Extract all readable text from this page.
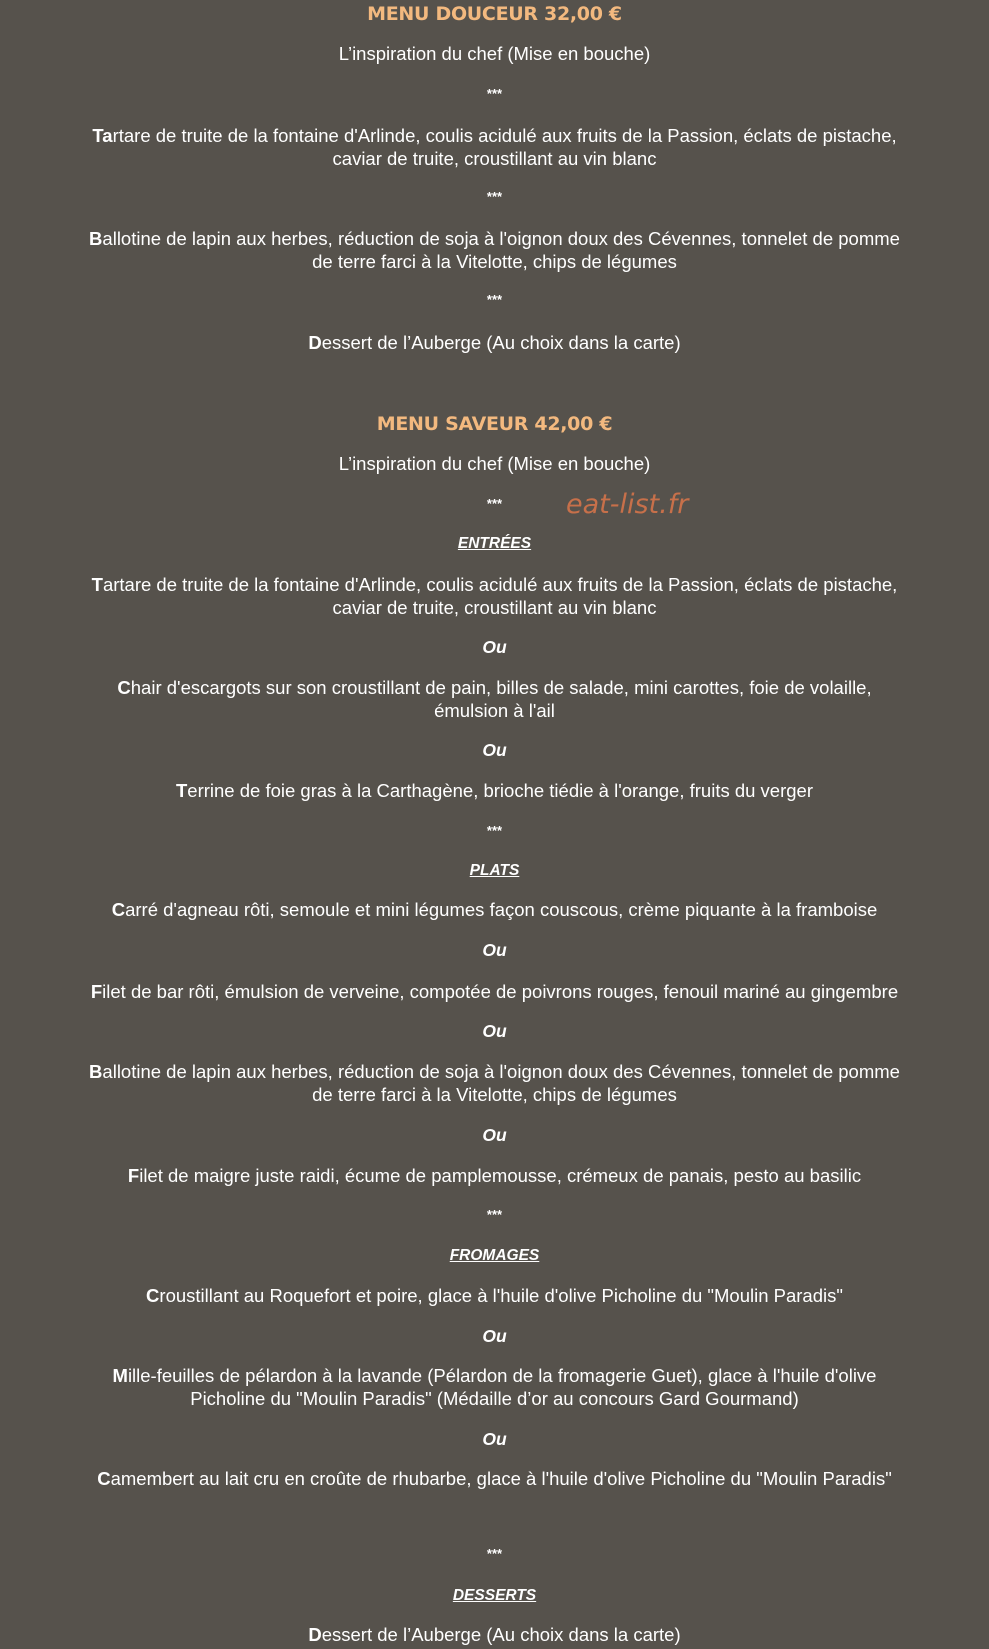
MENU DOUCEUR 32,00 €
L’inspiration du chef (Mise en bouche)
***
Tartare de truite de la fontaine d'Arlinde, coulis acidulé aux fruits de la Passion, éclats de pistache,
caviar de truite, croustillant au vin blanc
***
Ballotine de lapin aux herbes, réduction de soja à l'oignon doux des Cévennes, tonnelet de pomme
de terre farci à la Vitelotte, chips de légumes
***
Dessert de l’Auberge (Au choix dans la carte)
MENU SAVEUR 42,00 €
L’inspiration du chef (Mise en bouche)
***	eat-list.fr
ENTRÉES
Tartare de truite de la fontaine d'Arlinde, coulis acidulé aux fruits de la Passion, éclats de pistache,
caviar de truite, croustillant au vin blanc
Ou
Chair d'escargots sur son croustillant de pain, billes de salade, mini carottes, foie de volaille,
émulsion à l'ail
Ou
Terrine de foie gras à la Carthagène, brioche tiédie à l'orange, fruits du verger
***
PLATS
Carré d'agneau rôti, semoule et mini légumes façon couscous, crème piquante à la framboise
Ou
Filet de bar rôti, émulsion de verveine, compotée de poivrons rouges, fenouil mariné au gingembre
Ou
Ballotine de lapin aux herbes, réduction de soja à l'oignon doux des Cévennes, tonnelet de pomme
de terre farci à la Vitelotte, chips de légumes
Ou
Filet de maigre juste raidi, écume de pamplemousse, crémeux de panais, pesto au basilic
***
FROMAGES
Croustillant au Roquefort et poire, glace à l'huile d'olive Picholine du "Moulin Paradis"
Ou
Mille-feuilles de pélardon à la lavande (Pélardon de la fromagerie Guet), glace à l'huile d'olive
Picholine du "Moulin Paradis" (Médaille d’or au concours Gard Gourmand)
Ou
Camembert au lait cru en croûte de rhubarbe, glace à l'huile d'olive Picholine du "Moulin Paradis"
***
DESSERTS
Dessert de l’Auberge (Au choix dans la carte)
